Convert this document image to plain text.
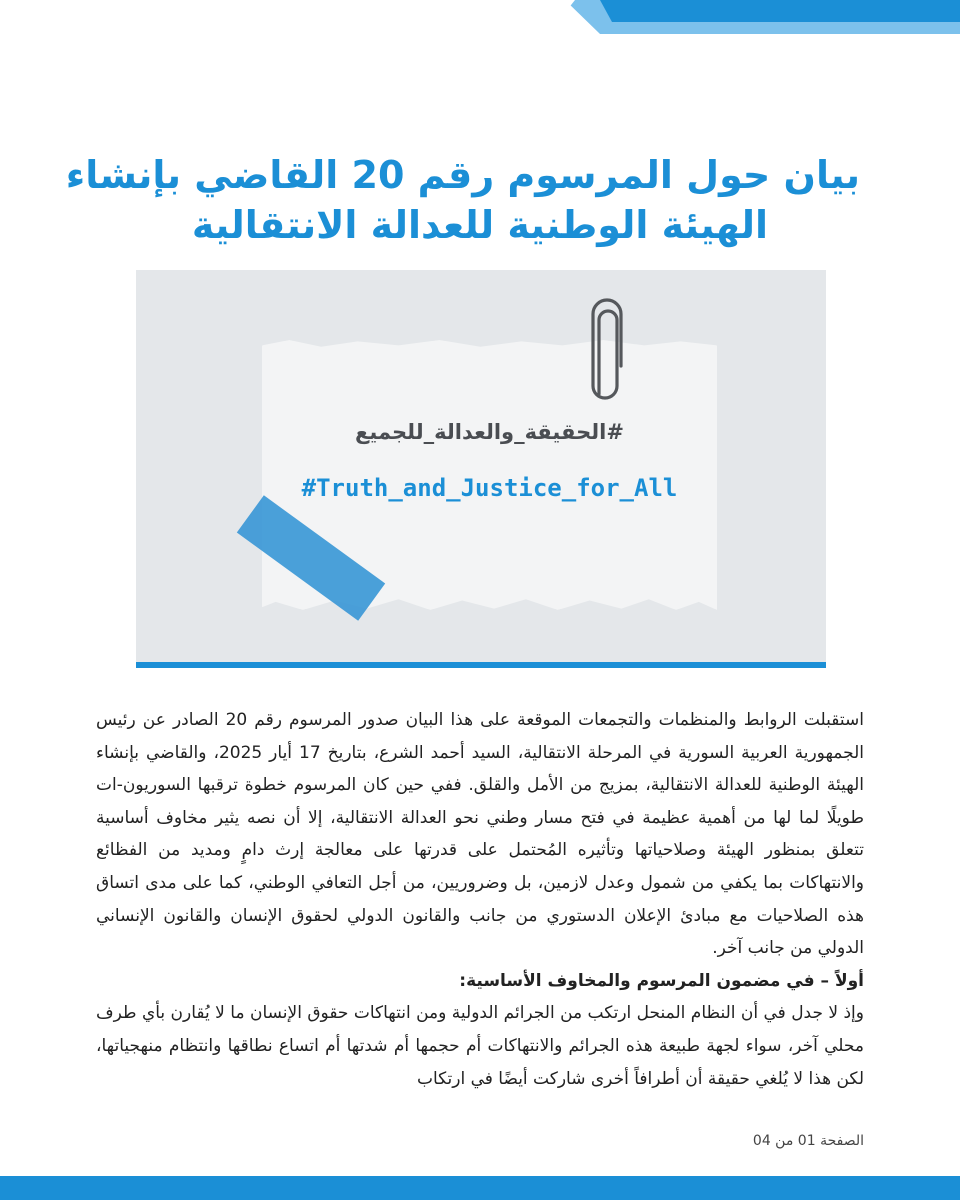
بيان حول المرسوم رقم 20 القاضي بإنشاء
الهيئة الوطنية للعدالة الانتقالية
#الحقيقة_والعدالة_للجميع
#Truth_and_Justice_for_All

استقبلت الروابط والمنظمات والتجمعات الموقعة على هذا البيان صدور المرسوم رقم 20 الصادر عن رئيس الجمهورية العربية السورية في المرحلة الانتقالية، السيد أحمد الشرع، بتاريخ 17 أيار 2025، والقاضي بإنشاء الهيئة الوطنية للعدالة الانتقالية، بمزيج من الأمل والقلق. ففي حين كان المرسوم خطوة ترقبها السوريون-ات طويلًا لما لها من أهمية عظيمة في فتح مسار وطني نحو العدالة الانتقالية، إلا أن نصه يثير مخاوف أساسية تتعلق بمنظور الهيئة وصلاحياتها وتأثيره المُحتمل على قدرتها على معالجة إرث دامٍ ومديد من الفظائع والانتهاكات بما يكفي من شمول وعدل لازمين، بل وضروريين، من أجل التعافي الوطني، كما على مدى اتساق هذه الصلاحيات مع مبادئ الإعلان الدستوري من جانب والقانون الدولي لحقوق الإنسان والقانون الإنساني الدولي من جانب آخر.

أولاً – في مضمون المرسوم والمخاوف الأساسية:

وإذ لا جدل في أن النظام المنحل ارتكب من الجرائم الدولية ومن انتهاكات حقوق الإنسان ما لا يُقارن بأي طرف محلي آخر، سواء لجهة طبيعة هذه الجرائم والانتهاكات أم حجمها أم شدتها أم اتساع نطاقها وانتظام منهجياتها، لكن هذا لا يُلغي حقيقة أن أطرافاً أخرى شاركت أيضًا في ارتكاب

الصفحة 01 من 04
